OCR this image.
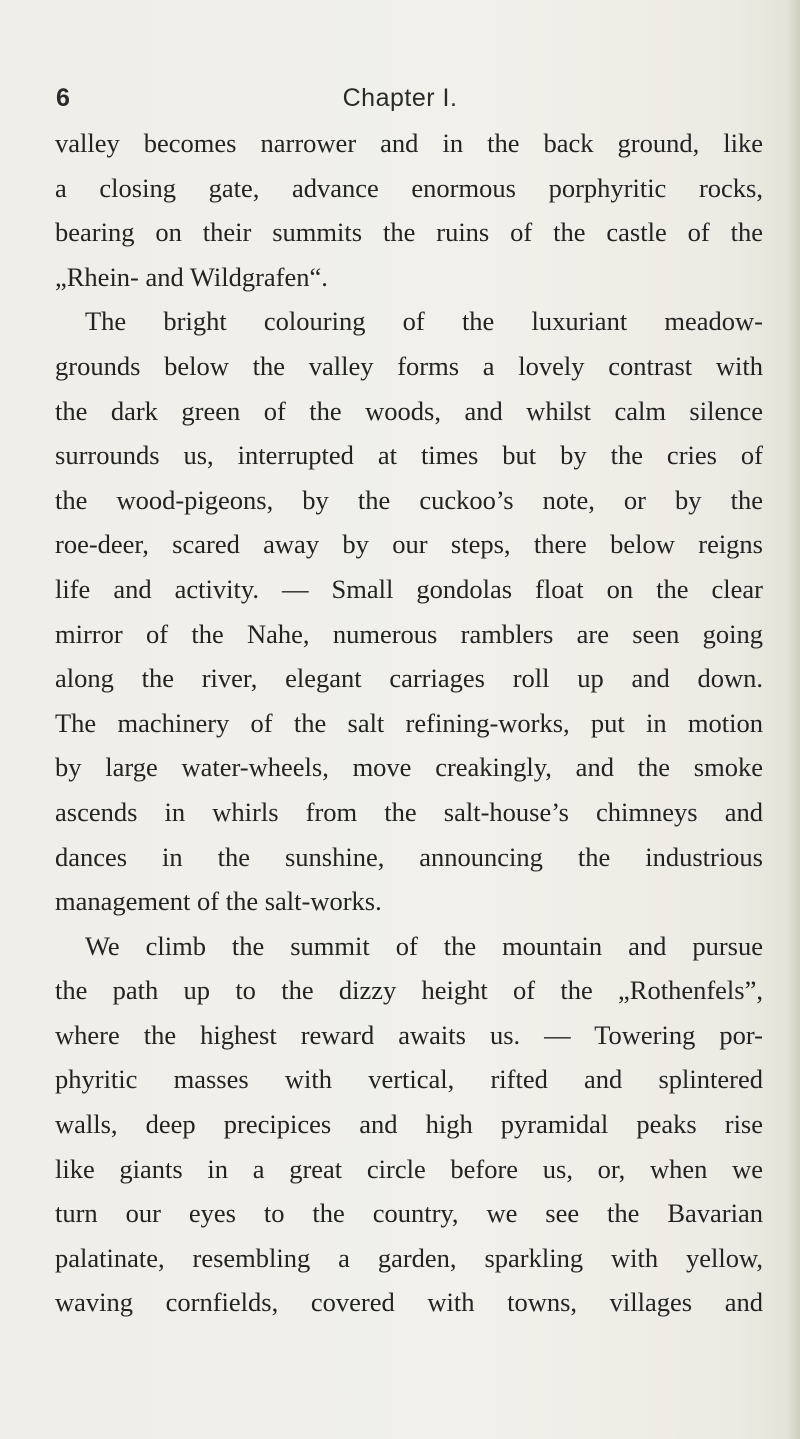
6	Chapter I.
valley becomes narrower and in the back ground, like
a closing gate, advance enormous porphyritic rocks,
bearing on their summits the ruins of the castle of the
„Rhein- and Wildgrafen“.
The bright colouring of the luxuriant meadow-
grounds below the valley forms a lovely contrast with
the dark green of the woods, and whilst calm silence
surrounds us, interrupted at times but by the cries of
the wood-pigeons, by the cuckoo’s note, or by the
roe-deer, scared away by our steps, there below reigns
life and activity. — Small gondolas float on the clear
mirror of the Nahe, numerous ramblers are seen going
along the river, elegant carriages roll up and down.
The machinery of the salt refining-works, put in motion
by large water-wheels, move creakingly, and the smoke
ascends in whirls from the salt-house’s chimneys and
dances in the sunshine, announcing the industrious
management of the salt-works.
We climb the summit of the mountain and pursue
the path up to the dizzy height of the „Rothenfels”,
where the highest reward awaits us. — Towering por-
phyritic masses with vertical, rifted and splintered
walls, deep precipices and high pyramidal peaks rise
like giants in a great circle before us, or, when we
turn our eyes to the country, we see the Bavarian
palatinate, resembling a garden, sparkling with yellow,
waving cornfields, covered with towns, villages and
